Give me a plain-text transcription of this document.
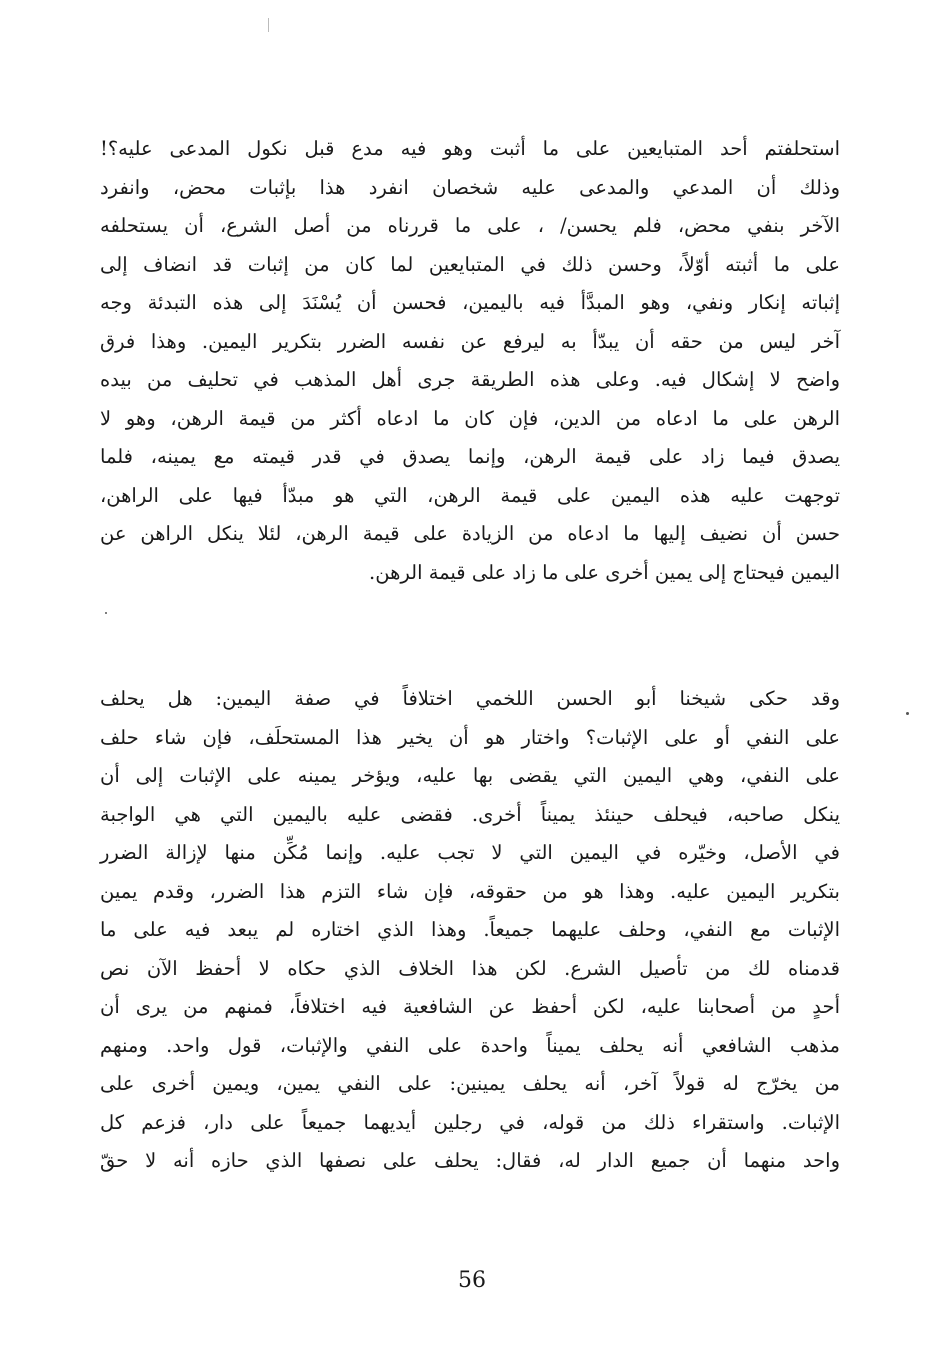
استحلفتم أحد المتبايعين على ما أثبت وهو فيه مدع قبل نكول المدعى عليه؟!
وذلك أن المدعي والمدعى عليه شخصان انفرد هذا بإثبات محض، وانفرد
الآخر بنفي محض، فلم يحسن/ ، على ما قررناه من أصل الشرع، أن يستحلفه
على ما أثبته أوّلاً، وحسن ذلك في المتبايعين لما كان من إثبات قد انضاف إلى
إثباته إنكار ونفي، وهو المبدَّأ فيه باليمين، فحسن أن يُسْنَدَ إلى هذه التبدئة وجه
آخر ليس من حقه أن يبدّأ به ليرفع عن نفسه الضرر بتكرير اليمين. وهذا فرق
واضح لا إشكال فيه. وعلى هذه الطريقة جرى أهل المذهب في تحليف من بيده
الرهن على ما ادعاه من الدين، فإن كان ما ادعاه أكثر من قيمة الرهن، وهو لا
يصدق فيما زاد على قيمة الرهن، وإنما يصدق في قدر قيمته مع يمينه، فلما
توجهت عليه هذه اليمين على قيمة الرهن، التي هو مبدّأ فيها على الراهن،
حسن أن نضيف إليها ما ادعاه من الزيادة على قيمة الرهن، لئلا ينكل الراهن عن
اليمين فيحتاج إلى يمين أخرى على ما زاد على قيمة الرهن.
وقد حكى شيخنا أبو الحسن اللخمي اختلافاً في صفة اليمين: هل يحلف
على النفي أو على الإثبات؟ واختار هو أن يخير هذا المستحلَف، فإن شاء حلف
على النفي، وهي اليمين التي يقضى بها عليه، ويؤخر يمينه على الإثبات إلى أن
ينكل صاحبه، فيحلف حينئذ يميناً أخرى. فقضى عليه باليمين التي هي الواجبة
في الأصل، وخيّره في اليمين التي لا تجب عليه. وإنما مُكِّن منها لإزالة الضرر
بتكرير اليمين عليه. وهذا هو من حقوقه، فإن شاء التزم هذا الضرر، وقدم يمين
الإثبات مع النفي، وحلف عليهما جميعاً. وهذا الذي اختاره لم يبعد فيه على ما
قدمناه لك من تأصيل الشرع. لكن هذا الخلاف الذي حكاه لا أحفظ الآن نص
أحدٍ من أصحابنا عليه، لكن أحفظ عن الشافعية فيه اختلافاً، فمنهم من يرى أن
مذهب الشافعي أنه يحلف يميناً واحدة على النفي والإثبات، قول واحد. ومنهم
من يخرّج له قولاً آخر، أنه يحلف يمينين: على النفي يمين، ويمين أخرى على
الإثبات. واستقراء ذلك من قوله، في رجلين أيديهما جميعاً على دار، فزعم كل
واحد منهما أن جميع الدار له، فقال: يحلف على نصفها الذي حازه أنه لا حقّ
56
